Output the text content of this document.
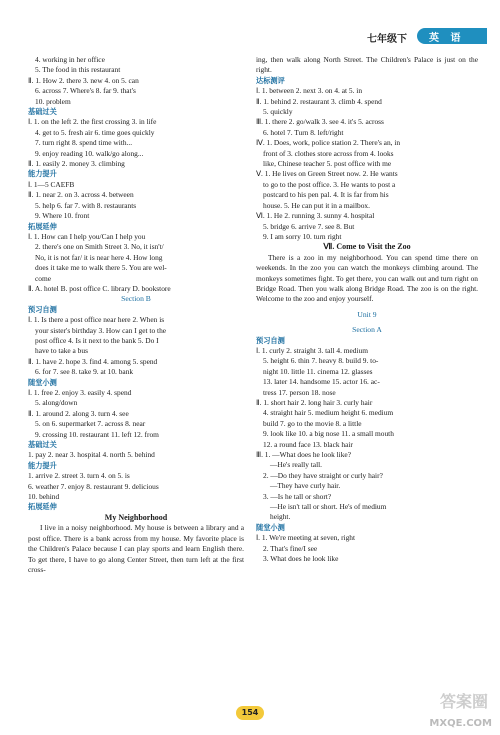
七年级下 英 语
4. working in her office
5. The food in this restaurant
Ⅱ. 1. How 2. there 3. new 4. on 5. can
6. across 7. Where's 8. far 9. that's
10. problem
基础过关
Ⅰ. 1. on the left 2. the first crossing 3. in life
4. get to 5. fresh air 6. time goes quickly
7. turn right 8. spend time with...
9. enjoy reading 10. walk/go along...
Ⅱ. 1. easily 2. money 3. climbing
能力提升
Ⅰ. 1—5 CAEFB
Ⅱ. 1. near 2. on 3. across 4. between
5. help 6. far 7. with 8. restaurants
9. Where 10. front
拓展延伸
Ⅰ. 1. How can I help you/Can I help you
2. there's one on Smith Street 3. No, it isn't/
No, it is not far/ it is near here 4. How long
does it take me to walk there 5. You are wel-
come
Ⅱ. A. hotel B. post office C. library D. bookstore
Section B
预习自测
Ⅰ. 1. Is there a post office near here 2. When is
your sister's birthday 3. How can I get to the
post office 4. Is it next to the bank 5. Do I
have to take a bus
Ⅱ. 1. have 2. hope 3. find 4. among 5. spend
6. for 7. see 8. take 9. at 10. bank
随堂小测
Ⅰ. 1. free 2. enjoy 3. easily 4. spend
5. along/down
Ⅱ. 1. around 2. along 3. turn 4. see
5. on 6. supermarket 7. across 8. near
9. crossing 10. restaurant 11. left 12. from
基础过关
1. pay 2. near 3. hospital 4. north 5. behind
能力提升
1. arrive 2. street 3. turn 4. on 5. is
6. weather 7. enjoy 8. restaurant 9. delicious
10. behind
拓展延伸
My Neighborhood
I live in a noisy neighborhood. My house is between a library and a post office. There is a bank across from my house. My favorite place is the Children's Palace because I can play sports and learn English there. To get there, I have to go along Center Street, then turn left at the first cross-
ing, then walk along North Street. The Children's Palace is just on the right.
达标测评
Ⅰ. 1. between 2. next 3. on 4. at 5. in
Ⅱ. 1. behind 2. restaurant 3. climb 4. spend
5. quickly
Ⅲ. 1. there 2. go/walk 3. see 4. it's 5. across
6. hotel 7. Turn 8. left/right
Ⅳ. 1. Does, work, police station 2. There's an, in
front of 3. clothes store across from 4. looks
like, Chinese teacher 5. post office with me
Ⅴ. 1. He lives on Green Street now. 2. He wants
to go to the post office. 3. He wants to post a
postcard to his pen pal. 4. It is far from his
house. 5. He can put it in a mailbox.
Ⅵ. 1. He 2. running 3. sunny 4. hospital
5. bridge 6. arrive 7. see 8. But
9. I am sorry 10. turn right
Ⅶ. Come to Visit the Zoo
There is a zoo in my neighborhood. You can spend time there on weekends. In the zoo you can watch the monkeys climbing around. The monkeys sometimes fight. To get there, you can walk out and turn right on Bridge Road. Then you walk along Bridge Road. The zoo is on the right. Welcome to the zoo and enjoy yourself.
Unit 9
Section A
预习自测
Ⅰ. 1. curly 2. straight 3. tall 4. medium
5. height 6. thin 7. heavy 8. build 9. to-
night 10. little 11. cinema 12. glasses
13. later 14. handsome 15. actor 16. ac-
tress 17. person 18. nose
Ⅱ. 1. short hair 2. long hair 3. curly hair
4. straight hair 5. medium height 6. medium
build 7. go to the movie 8. a little
9. look like 10. a big nose 11. a small mouth
12. a round face 13. black hair
Ⅲ. 1. —What does he look like?
—He's really tall.
2. —Do they have straight or curly hair?
—They have curly hair.
3. —Is he tall or short?
—He isn't tall or short. He's of medium
height.
随堂小测
Ⅰ. 1. We're meeting at seven, right
2. That's fine/I see
3. What does he look like
154
答案圈
MXQE.COM
